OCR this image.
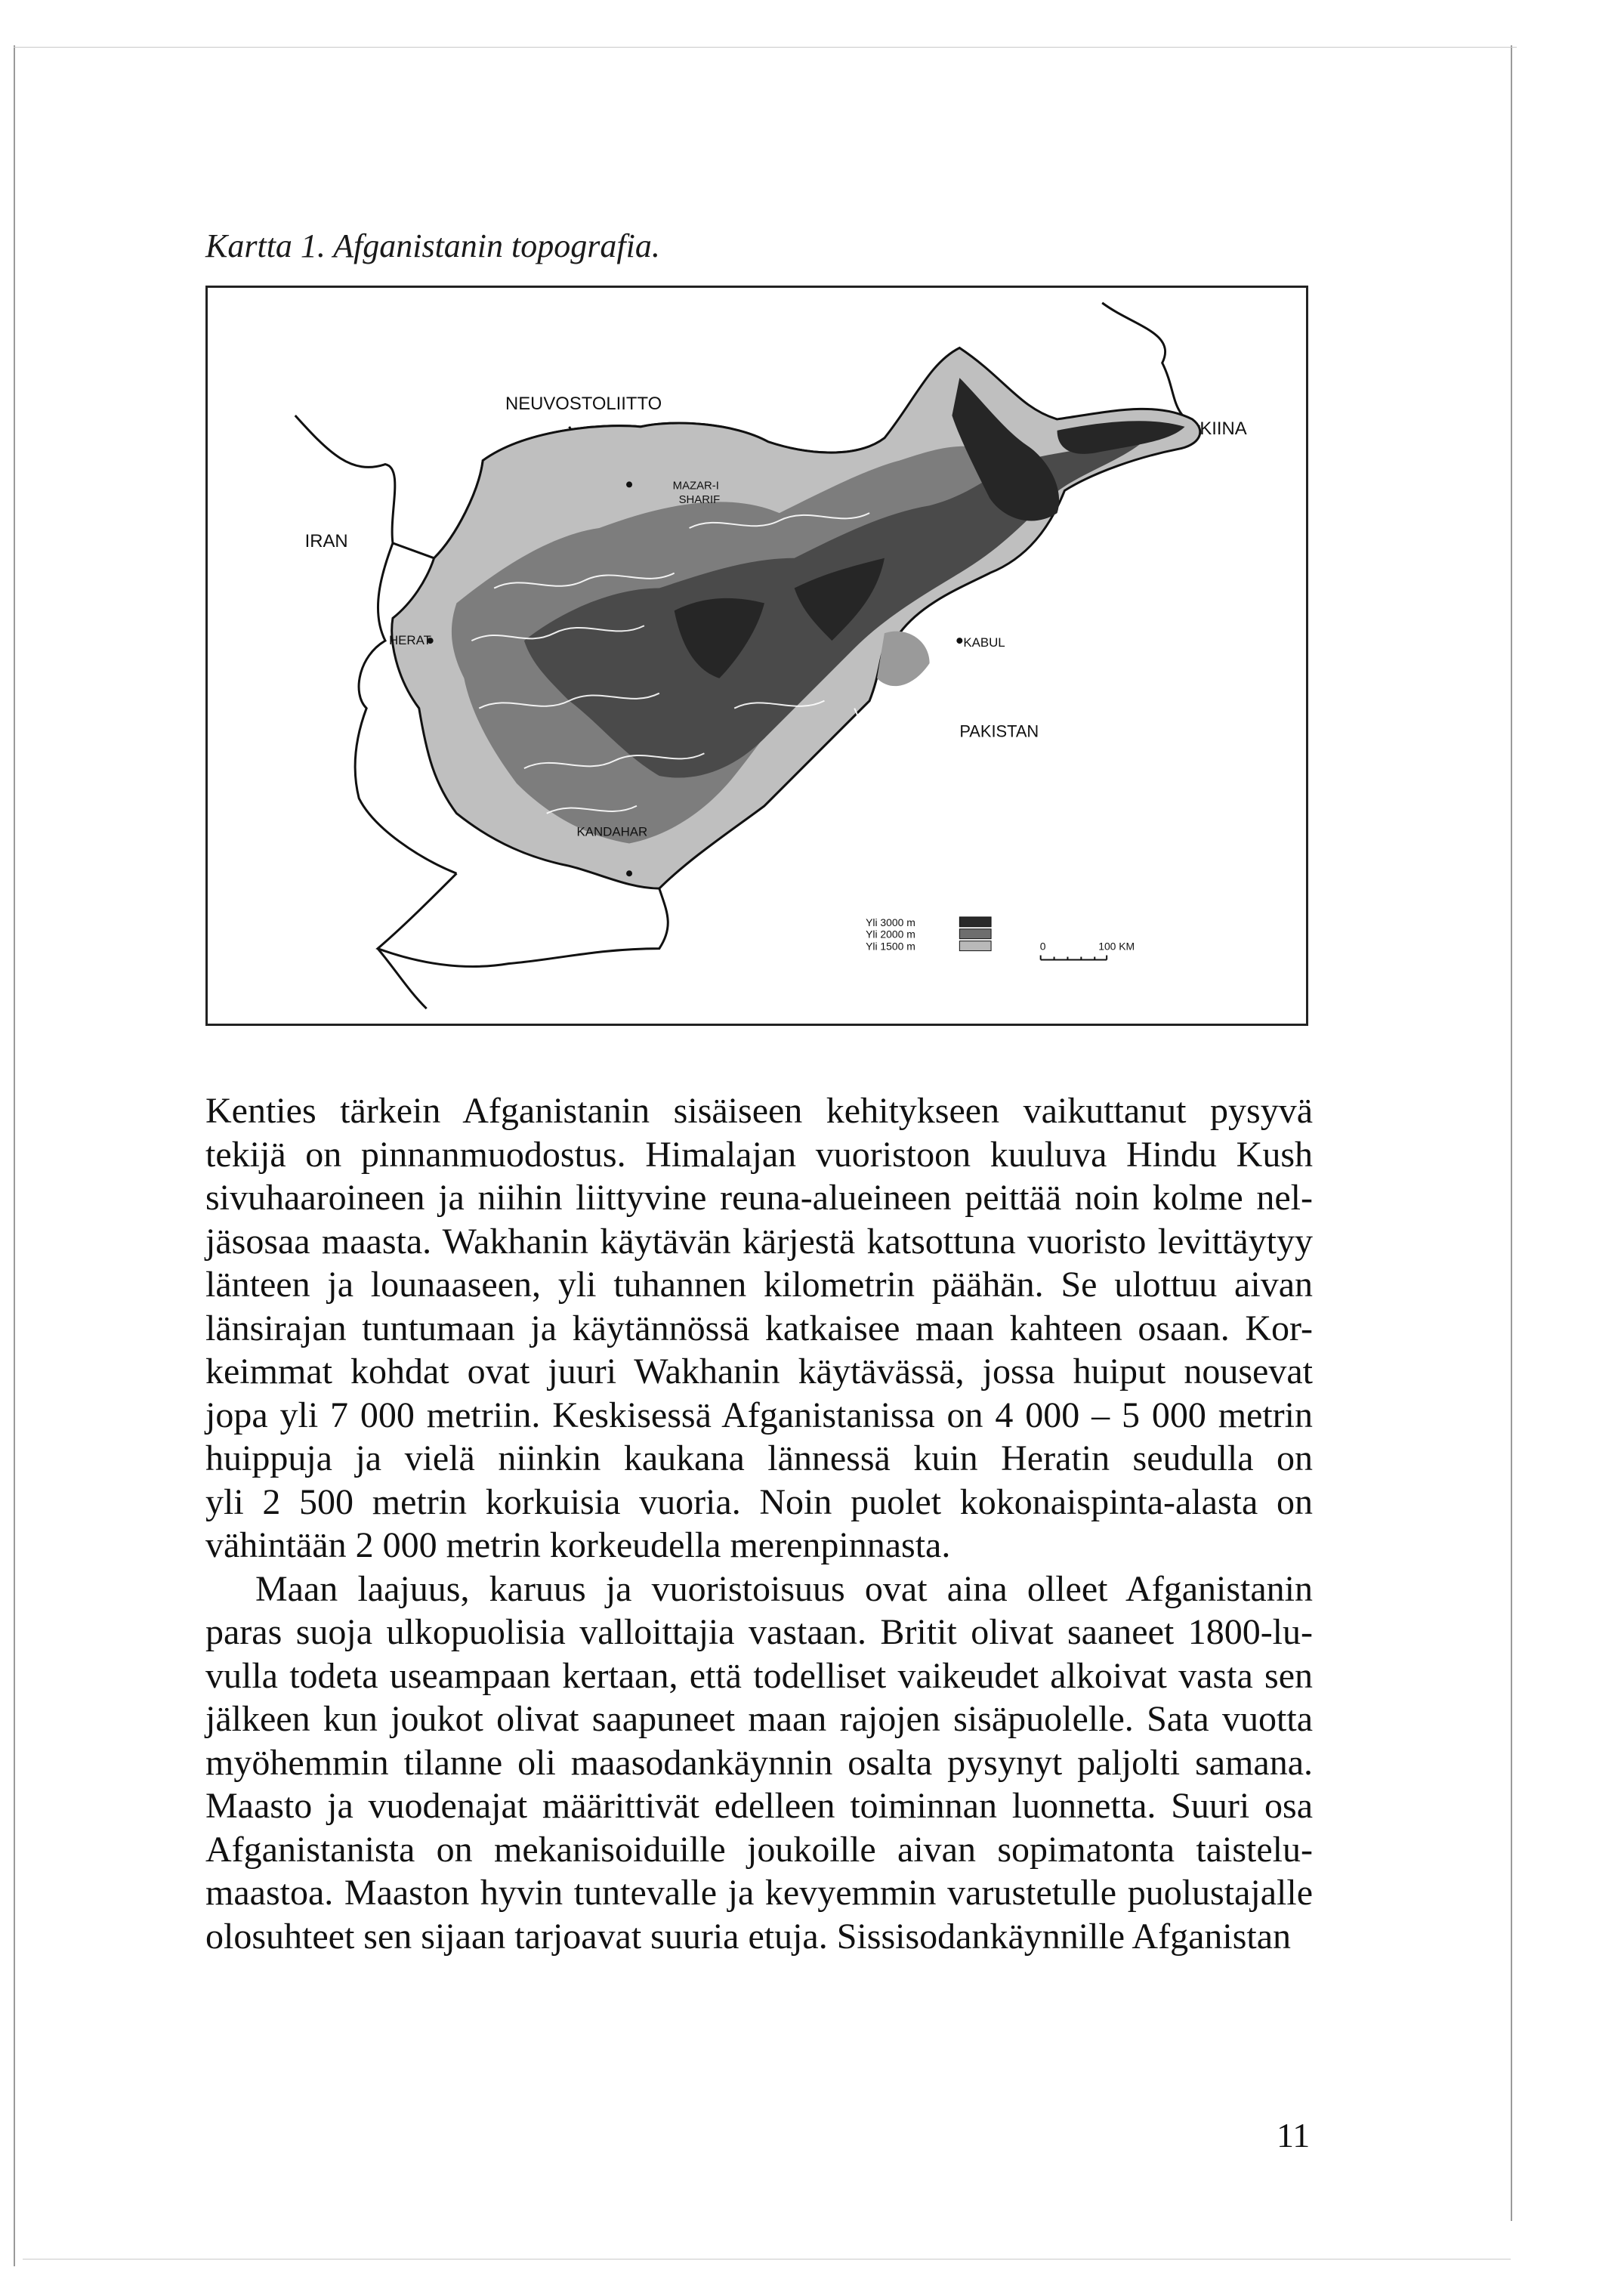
Kartta 1. Afganistanin topografia.
NEUVOSTOLIITTO
KIINA
IRAN
MAZAR-I
SHARIF
HERAT	KABUL
PAKISTAN
KANDAHAR
Yli 3000 m
Yli 2000 m
Yli 1500 m	0	100 KM

Kenties tärkein Afganistanin sisäiseen kehitykseen vaikuttanut pysyvä
tekijä on pinnanmuodostus. Himalajan vuoristoon kuuluva Hindu Kush
sivuhaaroineen ja niihin liittyvine reuna-alueineen peittää noin kolme nel-
jäsosaa maasta. Wakhanin käytävän kärjestä katsottuna vuoristo levittäytyy
länteen ja lounaaseen, yli tuhannen kilometrin päähän. Se ulottuu aivan
länsirajan tuntumaan ja käytännössä katkaisee maan kahteen osaan. Kor-
keimmat kohdat ovat juuri Wakhanin käytävässä, jossa huiput nousevat
jopa yli 7 000 metriin. Keskisessä Afganistanissa on 4 000 – 5 000 metrin
huippuja ja vielä niinkin kaukana lännessä kuin Heratin seudulla on
yli 2 500 metrin korkuisia vuoria. Noin puolet kokonaispinta-alasta on
vähintään 2 000 metrin korkeudella merenpinnasta.

Maan laajuus, karuus ja vuoristoisuus ovat aina olleet Afganistanin
paras suoja ulkopuolisia valloittajia vastaan. Britit olivat saaneet 1800-lu-
vulla todeta useampaan kertaan, että todelliset vaikeudet alkoivat vasta sen
jälkeen kun joukot olivat saapuneet maan rajojen sisäpuolelle. Sata vuotta
myöhemmin tilanne oli maasodankäynnin osalta pysynyt paljolti samana.
Maasto ja vuodenajat määrittivät edelleen toiminnan luonnetta. Suuri osa
Afganistanista on mekanisoiduille joukoille aivan sopimatonta taistelu-
maastoa. Maaston hyvin tuntevalle ja kevyemmin varustetulle puolustajalle
olosuhteet sen sijaan tarjoavat suuria etuja. Sissisodankäynnille Afganistan

11
